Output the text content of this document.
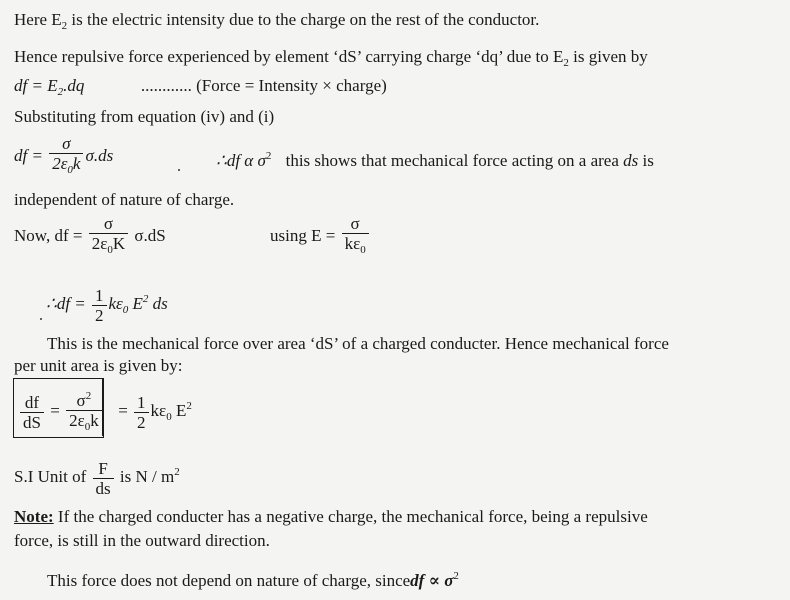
Here $E_2$ is the electric intensity due to the charge on the rest of the conductor.
Hence repulsive force experienced by element ‘dS’ carrying charge ‘dq’ due to $E_2$ is given by
df = $E_2.dq$	............ (Force = Intensity × charge)
Substituting from equation (iv) and (i)
df = $\frac{\sigma}{2\varepsilon_0k} \sigma.ds$	∴df α $\sigma^2$ this shows that mechanical force acting on a area ds is
independent of nature of charge.
Now, df = $\frac{\sigma}{2\varepsilon_0K} \sigma.dS$	using $E = \frac{\sigma}{k\varepsilon_0}$
∴df = $\frac{1}{2} k\varepsilon_0$ $E^2$ ds
This is the mechanical force over area ‘dS’ of a charged conducter. Hence mechanical force
per unit area is given by:
$\frac{df}{dS} = \frac{\sigma^2}{2\varepsilon_0k} = \frac{1}{2} k\varepsilon_0$ $E^2$
S.I Unit of $\frac{F}{ds}$ is N / $m^2$
Note: If the charged conducter has a negative charge, the mechanical force, being a repulsive
force, is still in the outward direction.
This force does not depend on nature of charge, sincedf ∝ $\sigma^2$
